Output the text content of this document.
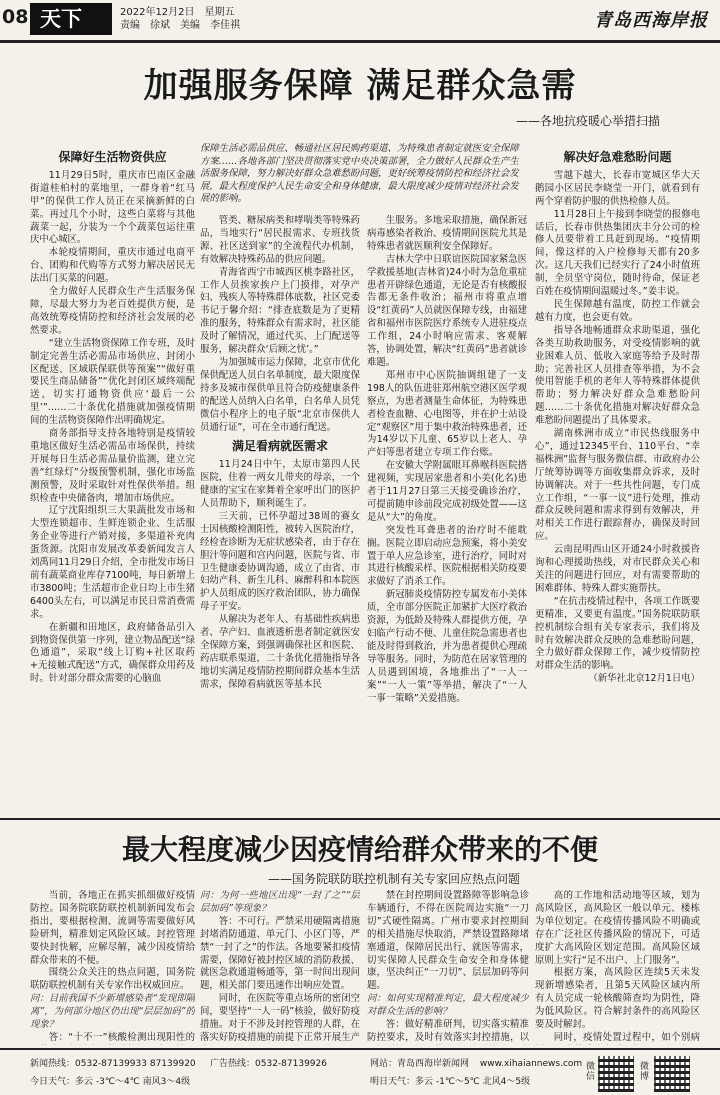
08 天下	2022年12月2日 星期五
责编 徐斌 美编 李佳祺	青岛西海岸报
加强服务保障 满足群众急需
——各地抗疫暖心举措扫描
保障生活必需品供应、畅通社区居民购药渠道、为特殊患者制定就医安全保障方案……各地各部门坚决贯彻落实党中央决策部署，全力做好人民群众生产生活服务保障，努力解决好群众急难愁盼问题，更好统筹疫情防控和经济社会发展，最大程度保护人民生命安全和身体健康，最大限度减少疫情对经济社会发展的影响。
保障好生活物资供应

11月29日5时，重庆市巴南区金融街道桂柏村的菜地里，一群身着“红马甲”的保供工作人员正在采摘新鲜的白菜。再过几个小时，这些白菜将与其他蔬菜一起，分装为一个个蔬菜包运往重庆中心城区。

本轮疫情期间，重庆市通过电商平台、团购和代购等方式努力解决居民无法出门买菜的问题。

全力做好人民群众生产生活服务保障，尽最大努力为老百姓提供方便，是高效统筹疫情防控和经济社会发展的必然要求。

“建立生活物资保障工作专班，及时制定完善生活必需品市场供应、封闭小区配送、区域联保联供等预案”“做好重要民生商品储备”“优化封闭区域终端配送，切实打通物资供应‘最后一公里’”……二十条优化措施就加强疫情期间的生活物资保障作出明确规定。

商务部指导支持各地特别是疫情较重地区做好生活必需品市场保供，持续开展每日生活必需品量价监测，建立完善“红绿灯”分级预警机制，强化市场监测预警，及时采取针对性保供举措。组织检查中央储备肉，增加市场供应。

辽宁沈阳组织三大果蔬批发市场和大型连锁超市、生鲜连锁企业、生活服务企业等进行产销对接，多渠道补充肉蛋货源。沈阳市发展改革委新闻发言人刘禹同11月29日介绍，全市批发市场日前有蔬菜商业库存7100吨，每日新增上市3800吨；生活超市企业日均上市生猪6400头左右，可以满足市民日常消费需求。

在新疆和田地区，政府储备品引入到物资保供第一序列，建立物品配送“绿色通道”，采取“线上订购+社区取药+无接触式配送”方式，确保群众用药及时。针对部分群众需要的心脑血

管类、糖尿病类和哮喘类等特殊药品，当地实行“居民报需求、专班找货源、社区送到家”的全流程代办机制，有效解决特殊药品的供应问题。

青海省西宁市城西区桃李路社区，工作人员挨家挨户上门摸排，对孕产妇、残疾人等特殊群体底数，社区党委书记于馨介绍：“排查底数是为了更精准的服务，特殊群众有需求时，社区能及时了解情况，通过代买、上门配送等服务，解决群众‘后顾之忧’。”

为加强城市运力保障，北京市优化保供配送人员白名单制度，最大限度保持多及城市保供单且符合防疫健康条件的配送人员纳入白名单，白名单人员凭微信小程序上的电子版“北京市保供人员通行证”，可在全市通行配送。

满足看病就医需求

11月24日中午，太原市第四人民医院，住着一两女儿带夹的母亲，一个健康的宝宝在家舞着全家呼出门的医护人员帮助下，顺利诞生了。

三天前，已怀孕超过38周的赛女士因核酸检测阳性，被转入医院治疗，经检查诊断为无症状感染者，由于存在胆汁等问题和宫内问题，医院与省、市卫生健康委协调沟通，成立了由省、市妇幼产科、新生儿科、麻醉科和本院医护人员组成的医疗救治团队，协力确保母子平安。

从解决为老年人、有基础性疾病患者、孕产妇、血液透析患者制定就医安全保障方案，到强调确保社区和医院、药店联系渠道，二十条优化措施指导各地切实满足疫情防控期间群众基本生活需求，保障看病就医等基本民

生服务。多地采取措施，确保新冠病毒感染者救治、疫情期间医院尤其是特殊患者就医顺利安全保障好。

吉林大学中日联谊医院国家紧急医学救援基地(吉林省)24小时为急危重症患者开辟绿色通道，无论是否有核酸报告都无条件收治；福州市将重点增设“红黄码”人员就医保障专线，由福建省和福州市医院医疗系统专人进驻疫点工作组，24小时响应需求、客观解答，协调处置，解决“红黄码”患者就诊难题。

郑州市中心医院抽调组建了一支198人的队伍进驻郑州航空港区医学观察点，为患者测量生命体征，为特殊患者检查血糖、心电图等，并在护士站设定“观察区”用于集中救治特殊患者，还为14岁以下儿童、65岁以上老人、孕产妇等患者建立专项工作台账。

在安徽大学附属眼耳鼻喉科医院搭建视频，实现居家患者和小美(化名)患者于11月27日第三天接受确诊治疗，可提前随申诊前段完成初级处置——这是从“大”的角度。

突发性耳聋患者的治疗时不能耽搁。医院立即启动应急预案，将小美安置于单人应急诊室，进行治疗，同时对其进行核酸采样、医院根据相关防疫要求做好了消杀工作。

新冠肺炎疫情防控专属发布小美体质，全市部分医院正加紧扩大医疗救治资源，为低龄及特殊人群提供方便，孕妇临产行动不便、儿童住院急需患者也能及时得到救治，并为患者提供心理疏导等服务。同时，为防范在居家管理的人员遇到困境，各地推出了“一人一案”“一人一策”等举措，解决了“一人一事一策略”关爱措施。

解决好急难愁盼问题

雪越下越大，长春市宽城区华大天鹅园小区居民李晓莹一开门，就看到有两个穿着防护服的供热检修人员。

11月28日上午接到李晓莹的报修电话后，长春市供热集团庆丰分公司的检修人员要带着工具赶到现场。“疫情期间，像这样的入户检修每天都有20多次。这几天我们已经实行了24小时值班制，全员坚守岗位，随时待命，保证老百姓在疫情期间温暖过冬。”姜丰说。

民生保障越有温度，防控工作就会越有力度，也会更有效。

指导各地畅通群众求助渠道，强化各类互助救助服务，对受疫情影响的就业困难人员、低收入家庭等给予及时帮助；完善社区人员排查等举措，为不会使用智能手机的老年人等特殊群体提供帮助；努力解决好群众急难愁盼问题……二十条优化措施对解决好群众急难愁盼问题提出了具体要求。

湖南株洲市成立“市民热线服务中心”，通过12345平台、110平台、“幸福株洲”监督与服务微信群、市政府办公厅统筹协调等方面收集群众诉求，及时协调解决。对于一些共性问题，专门成立工作组，“一事一议”进行处理，推动群众反映问题和需求得到有效解决，并对相关工作进行跟踪督办，确保及时回应。

云南昆明西山区开通24小时救援咨询和心理援助热线，对市民群众关心和关注的问题进行回应，对有需要帮助的困难群体、特殊人群实施帮扶。

“在抗击疫情过程中，各项工作既要更精准，又要更有温度。”国务院联防联控机制综合组有关专家表示，我们将及时有效解决群众反映的急难愁盼问题，全力做好群众保障工作，减少疫情防控对群众生活的影响。

（新华社北京12月1日电）

最大程度减少因疫情给群众带来的不便
——国务院联防联控机制有关专家回应热点问题

当前，各地正在抓实抓细做好疫情防控。国务院联防联控机制新闻发布会指出，要根据检测、流调等需要做好风险研判，精准划定风险区域。封控管理要快封快解，应解尽解，减少因疫情给群众带来的不便。

围绕公众关注的热点问题，国务院联防联控机制有关专家作出权威回应。

问：目前我国不少新增感染者“发现即隔离”，为何部分地区仍出现“层层加码”的现象？

答：“十不一”核酸检测出现阳性的

问：为何一些地区出现“一封了之”“层层加码”等现象？

答：不可行。严禁采用硬隔离措施封堵消防通道、单元门、小区门等，严禁“一封了之”的作法。各地要紧扣疫情需要，保障好被封控区域的消防救援、就医急救通道畅通等，第一时间出现问题，相关部门要迅速作出响应处置。

同时，在医院等重点场所的密闭空间，要坚持“一人一码”核验，做好防疫措施。对于不涉及封控管理的人群，在落实好防疫措施的前提下正常开展生产

禁在封控期间设置路障等影响急诊车辆通行，不得在医院周边实施“一刀切”式硬性隔离。广州市要求封控期间的相关措施尽快取消，严禁设置路障堵塞通道，保障居民出行、就医等需求，切实保障人民群众生命安全和身体健康，坚决纠正“一刀切”、层层加码等问题。

问：如何实现精准判定，最大程度减少对群众生活的影响？

答：做好精准研判，切实落实精准防控要求，及时有效落实封控措施，以

高的工作地和活动地等区域，划为高风险区，高风险区一般以单元、楼栋为单位划定。在疫情传播风险不明确或存在广泛社区传播风险的情况下，可适度扩大高风险区划定范围。高风险区域原则上实行“足不出户、上门服务”。

根据方案，高风险区连续5天未发现新增感染者，且第5天风险区域内所有人员完成一轮核酸筛查均为阴性，降为低风险区。符合解封条件的高风险区要及时解封。

同时，疫情处置过程中，如个别病

新闻热线：0532-87139933 87139920 广告热线：0532-87139926	网站：青岛西海岸新闻网 www.xihaiannews.com
今日天气：多云 -3℃～4℃ 南风3～4级	明日天气：多云 -1℃～5℃ 北风4～5级
微信
微博
